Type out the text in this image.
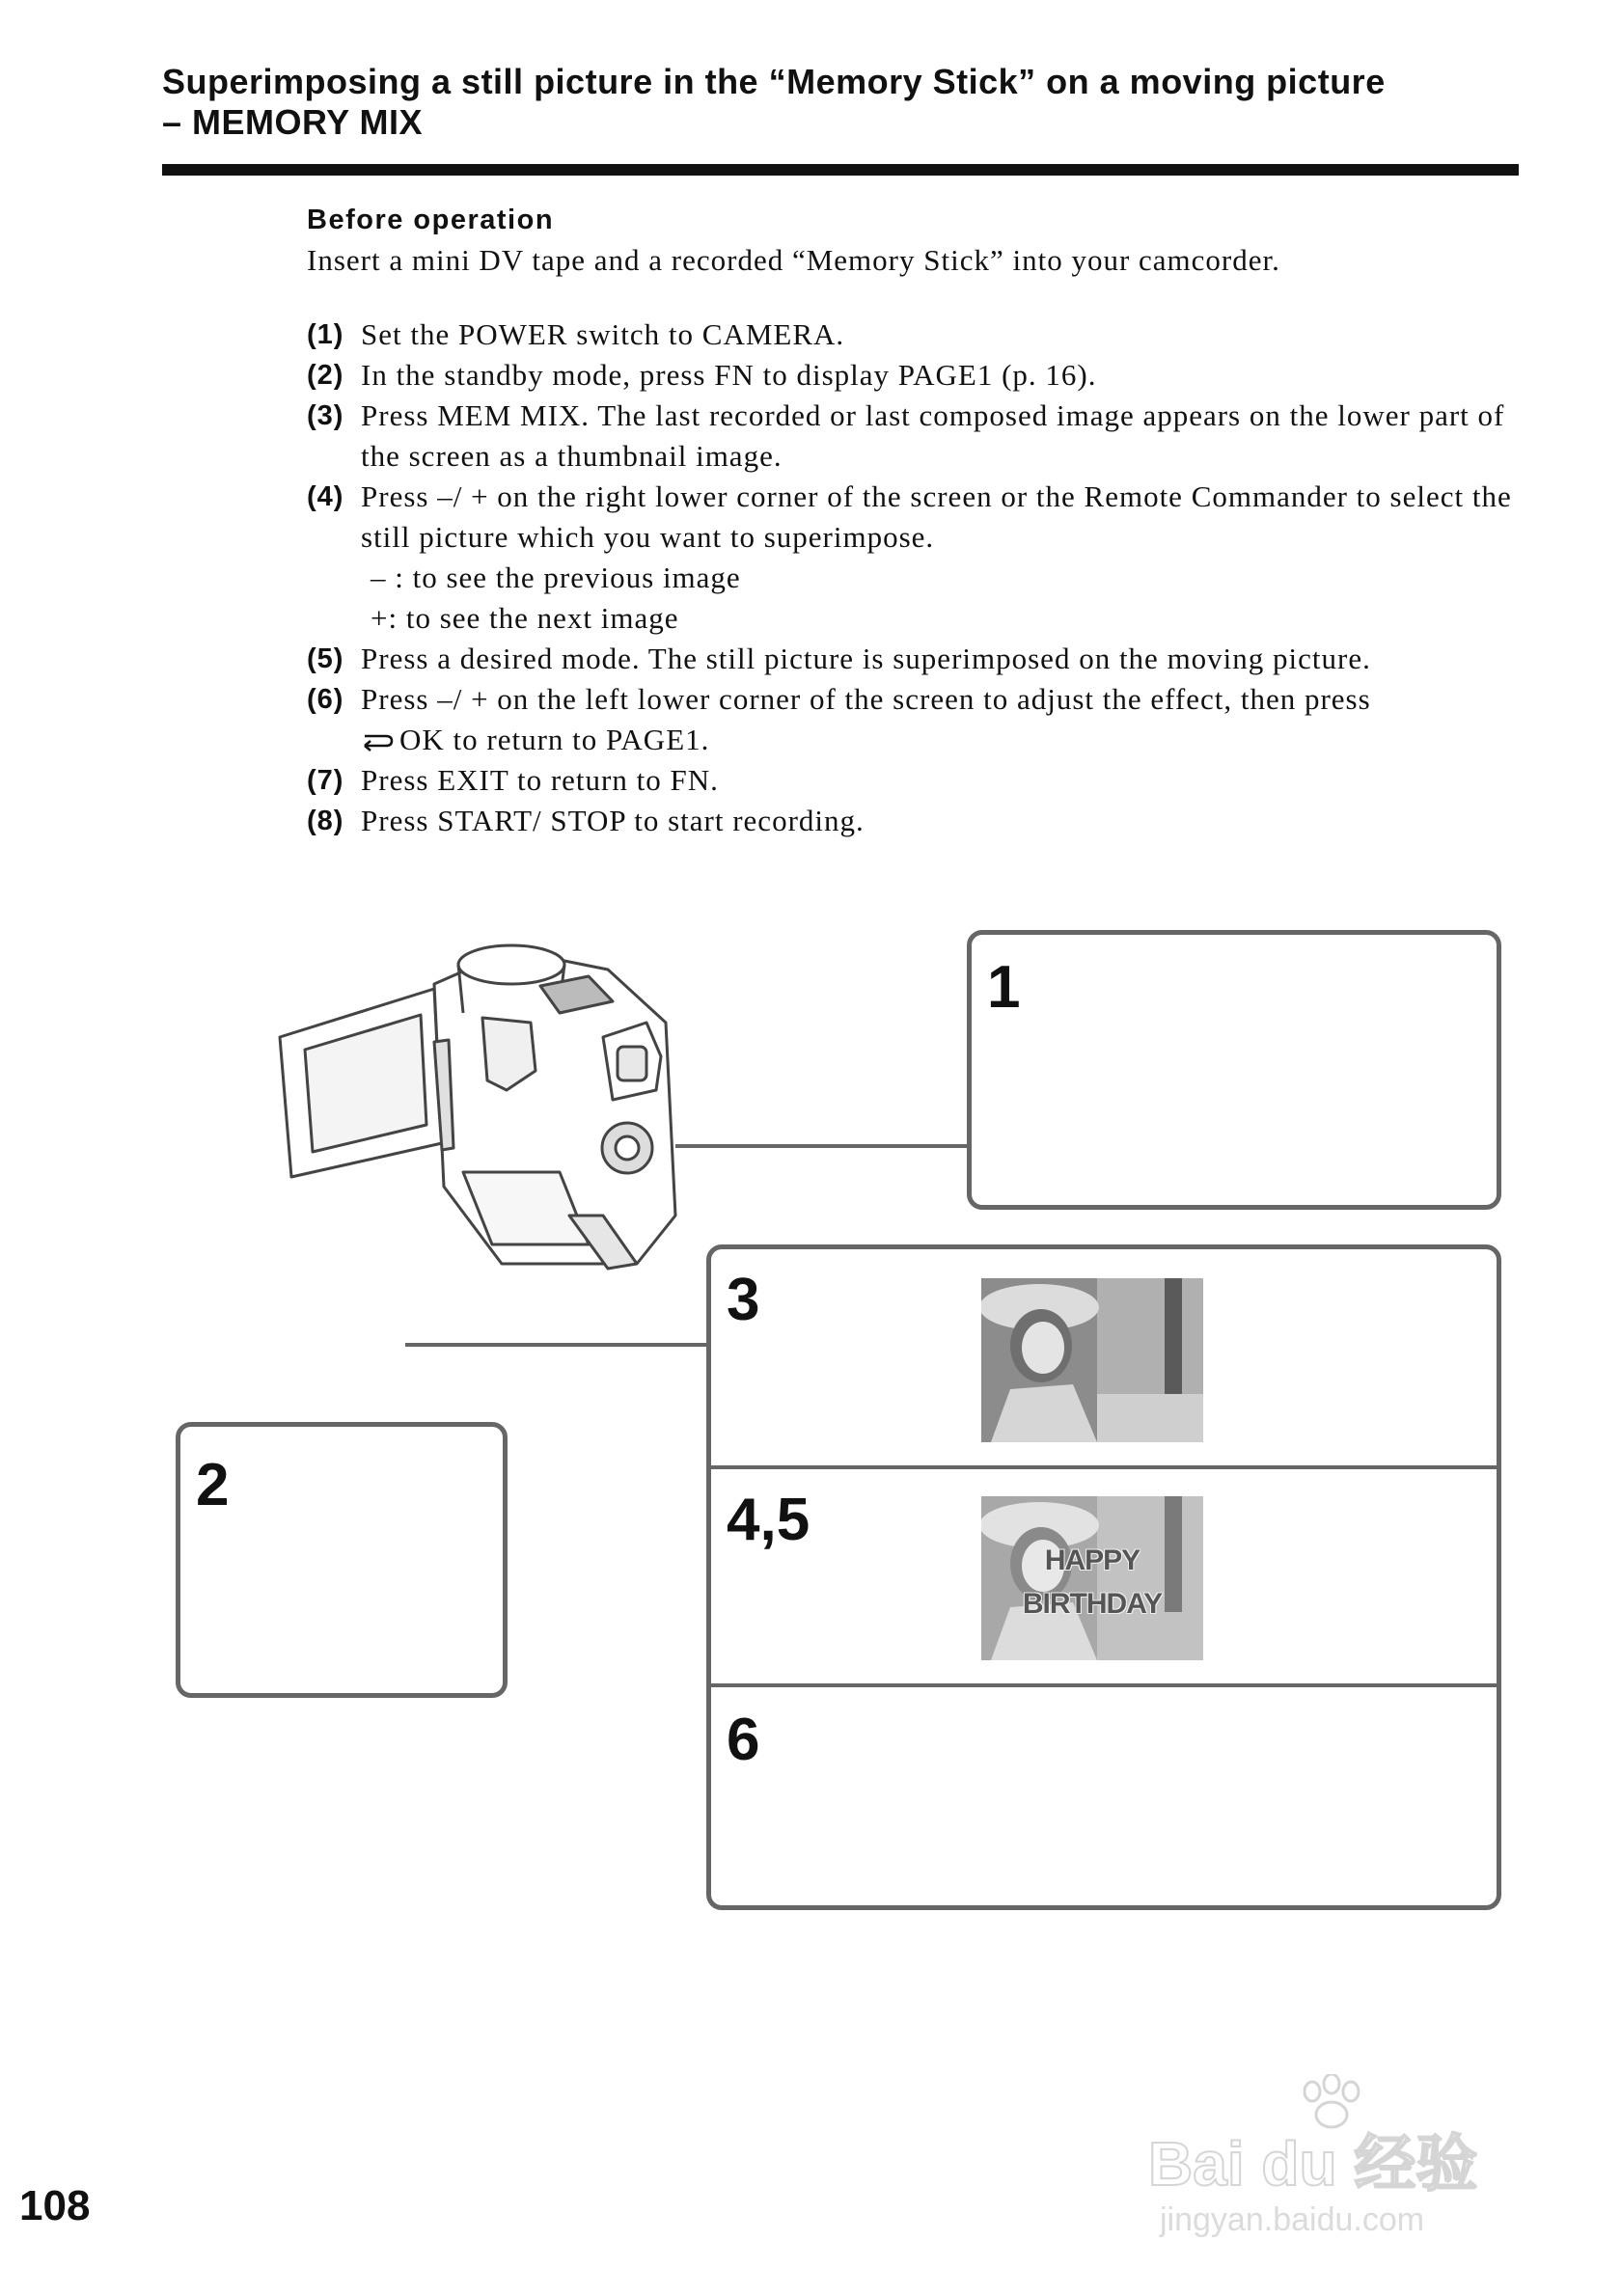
Superimposing a still picture in the “Memory Stick” on a moving picture
– MEMORY MIX
Before operation
Insert a mini DV tape and a recorded “Memory Stick” into your camcorder.
(1) Set the POWER switch to CAMERA.
(2) In the standby mode, press FN to display PAGE1 (p. 16).
(3) Press MEM MIX. The last recorded or last composed image appears on the lower part of the screen as a thumbnail image.
(4) Press –/ + on the right lower corner of the screen or the Remote Commander to select the still picture which you want to superimpose.
– : to see the previous image
+: to see the next image
(5) Press a desired mode. The still picture is superimposed on the moving picture.
(6) Press –/ + on the left lower corner of the screen to adjust the effect, then press
OK to return to PAGE1.
(7) Press EXIT to return to FN.
(8) Press START/ STOP to start recording.
1
2
3
4,5
HAPPY
BIRTHDAY
6
108
Bai du 经验
jingyan.baidu.com
